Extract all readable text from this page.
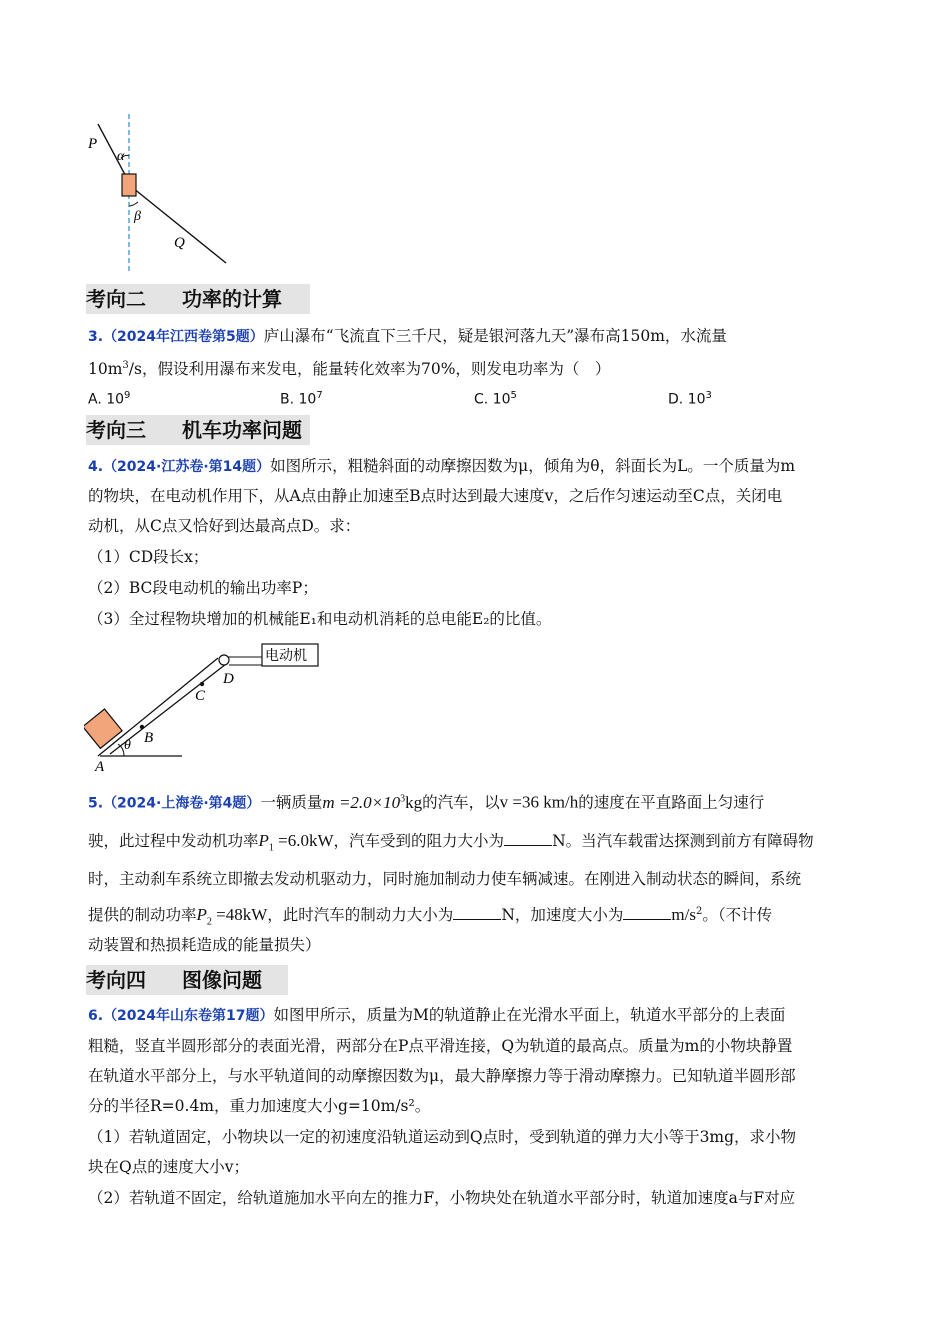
P
α
β
Q
考向二 功率的计算
3.（2024年江西卷第5题）庐山瀑布“飞流直下三千尺，疑是银河落九天”瀑布高150m，水流量
$10m^3/s$，假设利用瀑布来发电，能量转化效率为70%，则发电功率为（　）
A. $10^9$	B. $10^7$	C. $10^5$	D. $10^3$
考向三 机车功率问题
4.（2024·江苏卷·第14题）如图所示，粗糙斜面的动摩擦因数为μ，倾角为θ，斜面长为L。一个质量为m
的物块，在电动机作用下，从A点由静止加速至B点时达到最大速度v，之后作匀速运动至C点，关闭电
动机，从C点又恰好到达最高点D。求：
（1）CD段长x；
（2）BC段电动机的输出功率P；
（3）全过程物块增加的机械能E₁和电动机消耗的总电能E₂的比值。
电动机
θ
A
B
C
D
5.（2024·上海卷·第4题）一辆质量$m =2.0\times 10^3kg$的汽车，以v =36 km/h的速度在平直路面上匀速行
驶，此过程中发动机功率$P_1 =6.0kW$，汽车受到的阻力大小为	N。当汽车载雷达探测到前方有障碍物
时，主动刹车系统立即撤去发动机驱动力，同时施加制动力使车辆减速。在刚进入制动状态的瞬间，系统
提供的制动功率$P_2 =48kW$，此时汽车的制动力大小为	N，加速度大小为	$m/s^2$。（不计传
动装置和热损耗造成的能量损失）
考向四 图像问题
6.（2024年山东卷第17题）如图甲所示，质量为M的轨道静止在光滑水平面上，轨道水平部分的上表面
粗糙，竖直半圆形部分的表面光滑，两部分在P点平滑连接，Q为轨道的最高点。质量为m的小物块静置
在轨道水平部分上，与水平轨道间的动摩擦因数为μ，最大静摩擦力等于滑动摩擦力。已知轨道半圆形部
分的半径R=0.4m，重力加速度大小g=10m/s²。
（1）若轨道固定，小物块以一定的初速度沿轨道运动到Q点时，受到轨道的弹力大小等于3mg，求小物
块在Q点的速度大小v；
（2）若轨道不固定，给轨道施加水平向左的推力F，小物块处在轨道水平部分时，轨道加速度a与F对应
